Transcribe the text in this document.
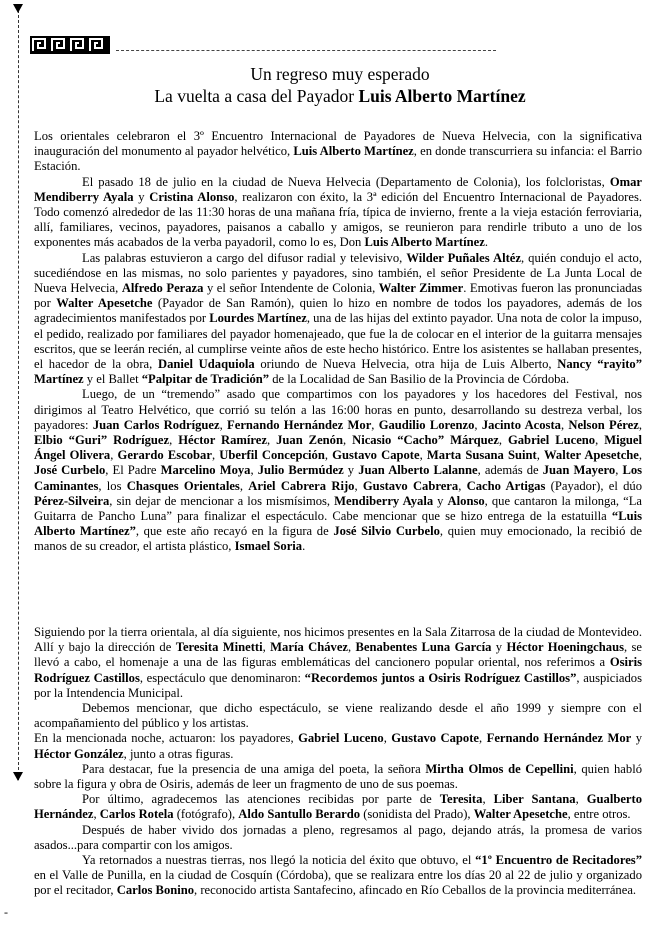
-
Un regreso muy esperado
La vuelta a casa del Payador Luis Alberto Martínez

Los orientales celebraron el 3º Encuentro Internacional de Payadores de Nueva Helvecia, con la significativa inauguración del monumento al payador helvético, Luis Alberto Martínez, en donde transcurriera su infancia: el Barrio Estación.

El pasado 18 de julio en la ciudad de Nueva Helvecia (Departamento de Colonia), los folcloristas, Omar Mendiberry Ayala y Cristina Alonso, realizaron con éxito, la 3ª edición del Encuentro Internacional de Payadores. Todo comenzó alrededor de las 11:30 horas de una mañana fría, típica de invierno, frente a la vieja estación ferroviaria, allí, familiares, vecinos, payadores, paisanos a caballo y amigos, se reunieron para rendirle tributo a uno de los exponentes más acabados de la verba payadoril, como lo es, Don Luis Alberto Martínez.

Las palabras estuvieron a cargo del difusor radial y televisivo, Wilder Puñales Altéz, quién condujo el acto, sucediéndose en las mismas, no solo parientes y payadores, sino también, el señor Presidente de La Junta Local de Nueva Helvecia, Alfredo Peraza y el señor Intendente de Colonia, Walter Zimmer. Emotivas fueron las pronunciadas por Walter Apesetche (Payador de San Ramón), quien lo hizo en nombre de todos los payadores, además de los agradecimientos manifestados por Lourdes Martínez, una de las hijas del extinto payador. Una nota de color la impuso, el pedido, realizado por familiares del payador homenajeado, que fue la de colocar en el interior de la guitarra mensajes escritos, que se leerán recién, al cumplirse veinte años de este hecho histórico. Entre los asistentes se hallaban presentes, el hacedor de la obra, Daniel Udaquiola oriundo de Nueva Helvecia, otra hija de Luis Alberto, Nancy “rayito” Martínez y el Ballet “Palpitar de Tradición” de la Localidad de San Basilio de la Provincia de Córdoba.

Luego, de un “tremendo” asado que compartimos con los payadores y los hacedores del Festival, nos dirigimos al Teatro Helvético, que corrió su telón a las 16:00 horas en punto, desarrollando su destreza verbal, los payadores: Juan Carlos Rodríguez, Fernando Hernández Mor, Gaudilio Lorenzo, Jacinto Acosta, Nelson Pérez, Elbio “Guri” Rodríguez, Héctor Ramírez, Juan Zenón, Nicasio “Cacho” Márquez, Gabriel Luceno, Miguel Ángel Olivera, Gerardo Escobar, Uberfil Concepción, Gustavo Capote, Marta Susana Suint, Walter Apesetche, José Curbelo, El Padre Marcelino Moya, Julio Bermúdez y Juan Alberto Lalanne, además de Juan Mayero, Los Caminantes, los Chasques Orientales, Ariel Cabrera Rijo, Gustavo Cabrera, Cacho Artigas (Payador), el dúo Pérez-Silveira, sin dejar de mencionar a los mismísimos, Mendiberry Ayala y Alonso, que cantaron la milonga, “La Guitarra de Pancho Luna” para finalizar el espectáculo. Cabe mencionar que se hizo entrega de la estatuilla “Luis Alberto Martínez”, que este año recayó en la figura de José Silvio Curbelo, quien muy emocionado, la recibió de manos de su creador, el artista plástico, Ismael Soria.

Siguiendo por la tierra orientala, al día siguiente, nos hicimos presentes en la Sala Zitarrosa de la ciudad de Montevideo. Allí y bajo la dirección de Teresita Minetti, María Chávez, Benabentes Luna García y Héctor Hoeningchaus, se llevó a cabo, el homenaje a una de las figuras emblemáticas del cancionero popular oriental, nos referimos a Osiris Rodríguez Castillos, espectáculo que denominaron: “Recordemos juntos a Osiris Rodríguez Castillos”, auspiciados por la Intendencia Municipal.

Debemos mencionar, que dicho espectáculo, se viene realizando desde el año 1999 y siempre con el acompañamiento del público y los artistas.

En la mencionada noche, actuaron: los payadores, Gabriel Luceno, Gustavo Capote, Fernando Hernández Mor y Héctor González, junto a otras figuras.

Para destacar, fue la presencia de una amiga del poeta, la señora Mirtha Olmos de Cepellini, quien habló sobre la figura y obra de Osiris, además de leer un fragmento de uno de sus poemas.

Por último, agradecemos las atenciones recibidas por parte de Teresita, Liber Santana, Gualberto Hernández, Carlos Rotela (fotógrafo), Aldo Santullo Berardo (sonidista del Prado), Walter Apesetche, entre otros.

Después de haber vivido dos jornadas a pleno, regresamos al pago, dejando atrás, la promesa de varios asados...para compartir con los amigos.

Ya retornados a nuestras tierras, nos llegó la noticia del éxito que obtuvo, el “1º Encuentro de Recitadores” en el Valle de Punilla, en la ciudad de Cosquín (Córdoba), que se realizara entre los días 20 al 22 de julio y organizado por el recitador, Carlos Bonino, reconocido artista Santafecino, afincado en Río Ceballos de la provincia mediterránea.
